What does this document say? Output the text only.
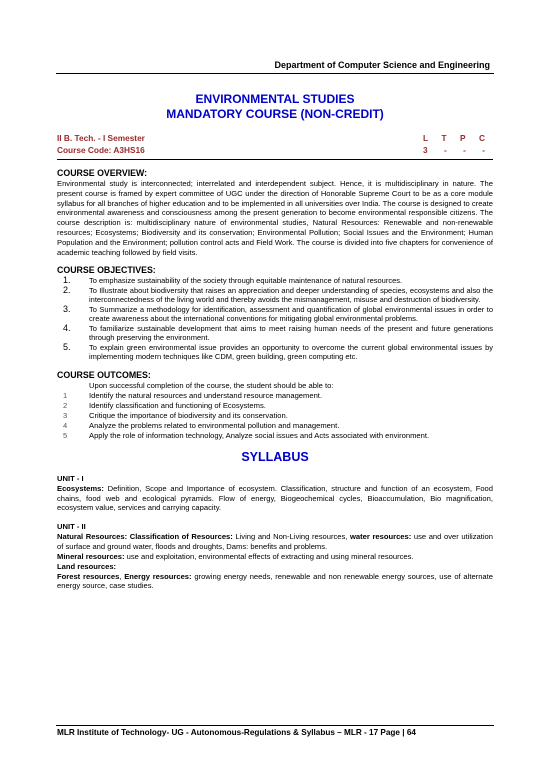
Department of Computer Science and Engineering
ENVIRONMENTAL STUDIES
MANDATORY COURSE (NON-CREDIT)
II B. Tech. - I Semester	L T P C
Course Code: A3HS16	3 - - -
COURSE OVERVIEW:

Environmental study is interconnected; interrelated and interdependent subject. Hence, it is multidisciplinary in nature. The present course is framed by expert committee of UGC under the direction of Honorable Supreme Court to be as a core module syllabus for all branches of higher education and to be implemented in all universities over India. The course is designed to create environmental awareness and consciousness among the present generation to become environmental responsible citizens. The course description is: multidisciplinary nature of environmental studies, Natural Resources: Renewable and non-renewable resources; Ecosystems; Biodiversity and its conservation; Environmental Pollution; Social Issues and the Environment; Human Population and the Environment; pollution control acts and Field Work. The course is divided into five chapters for convenience of academic teaching followed by field visits.

COURSE OBJECTIVES:
1. To emphasize sustainability of the society through equitable maintenance of natural resources.
2. To Illustrate about biodiversity that raises an appreciation and deeper understanding of species, ecosystems and also the interconnectedness of the living world and thereby avoids the mismanagement, misuse and destruction of biodiversity.
3. To Summarize a methodology for identification, assessment and quantification of global environmental issues in order to create awareness about the international conventions for mitigating global environmental problems.
4. To familiarize sustainable development that aims to meet raising human needs of the present and future generations through preserving the environment.
5. To explain green environmental issue provides an opportunity to overcome the current global environmental issues by implementing modern techniques like CDM, green building, green computing etc.
COURSE OUTCOMES:
Upon successful completion of the course, the student should be able to:
1	Identify the natural resources and understand resource management.
2	Identify classification and functioning of Ecosystems.
3	Critique the importance of biodiversity and its conservation.
4	Analyze the problems related to environmental pollution and management.
5	Apply the role of information technology, Analyze social issues and Acts associated with environment.
SYLLABUS
UNIT - I

Ecosystems: Definition, Scope and Importance of ecosystem. Classification, structure and function of an ecosystem, Food chains, food web and ecological pyramids. Flow of energy, Biogeochemical cycles, Bioaccumulation, Bio magnification, ecosystem value, services and carrying capacity.

UNIT - II

Natural Resources: Classification of Resources: Living and Non-Living resources, water resources: use and over utilization of surface and ground water, floods and droughts, Dams: benefits and problems.

Mineral resources: use and exploitation, environmental effects of extracting and using mineral resources.

Land resources:

Forest resources, Energy resources: growing energy needs, renewable and non renewable energy sources, use of alternate energy source, case studies.

MLR Institute of Technology- UG - Autonomous-Regulations & Syllabus – MLR - 17 Page | 64
